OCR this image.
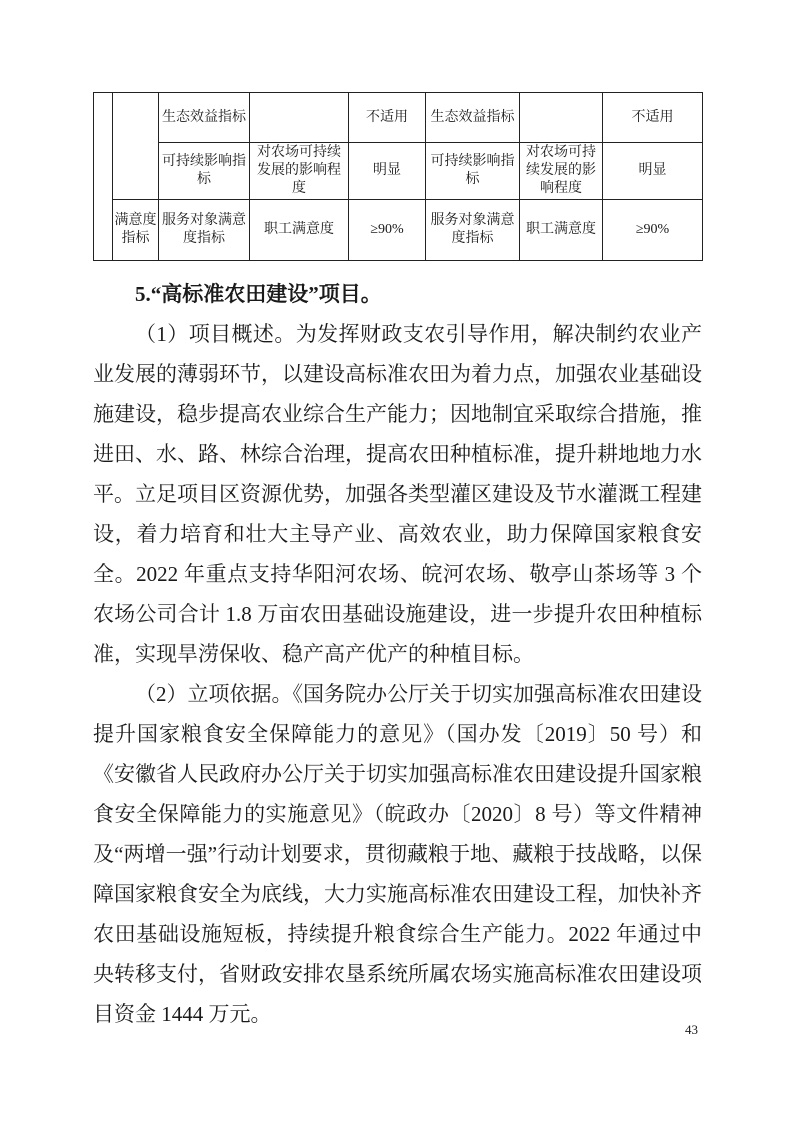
		生态效益指标		不适用	生态效益指标		不适用
		可持续影响指标	对农场可持续发展的影响程度	明显	可持续影响指标	对农场可持续发展的影响程度	明显
	满意度指标	服务对象满意度指标	职工满意度	≥90%	服务对象满意度指标	职工满意度	≥90%
5.“高标准农田建设”项目。

（1）项目概述。为发挥财政支农引导作用，解决制约农业产业发展的薄弱环节，以建设高标准农田为着力点，加强农业基础设施建设，稳步提高农业综合生产能力；因地制宜采取综合措施，推进田、水、路、林综合治理，提高农田种植标准，提升耕地地力水平。立足项目区资源优势，加强各类型灌区建设及节水灌溉工程建设，着力培育和壮大主导产业、高效农业，助力保障国家粮食安全。2022 年重点支持华阳河农场、皖河农场、敬亭山茶场等 3 个农场公司合计 1.8 万亩农田基础设施建设，进一步提升农田种植标准，实现旱涝保收、稳产高产优产的种植目标。

（2）立项依据。《国务院办公厅关于切实加强高标准农田建设提升国家粮食安全保障能力的意见》（国办发〔2019〕50 号）和《安徽省人民政府办公厅关于切实加强高标准农田建设提升国家粮食安全保障能力的实施意见》（皖政办〔2020〕8 号）等文件精神及“两增一强”行动计划要求，贯彻藏粮于地、藏粮于技战略，以保障国家粮食安全为底线，大力实施高标准农田建设工程，加快补齐农田基础设施短板，持续提升粮食综合生产能力。2022 年通过中央转移支付，省财政安排农垦系统所属农场实施高标准农田建设项目资金 1444 万元。

43
